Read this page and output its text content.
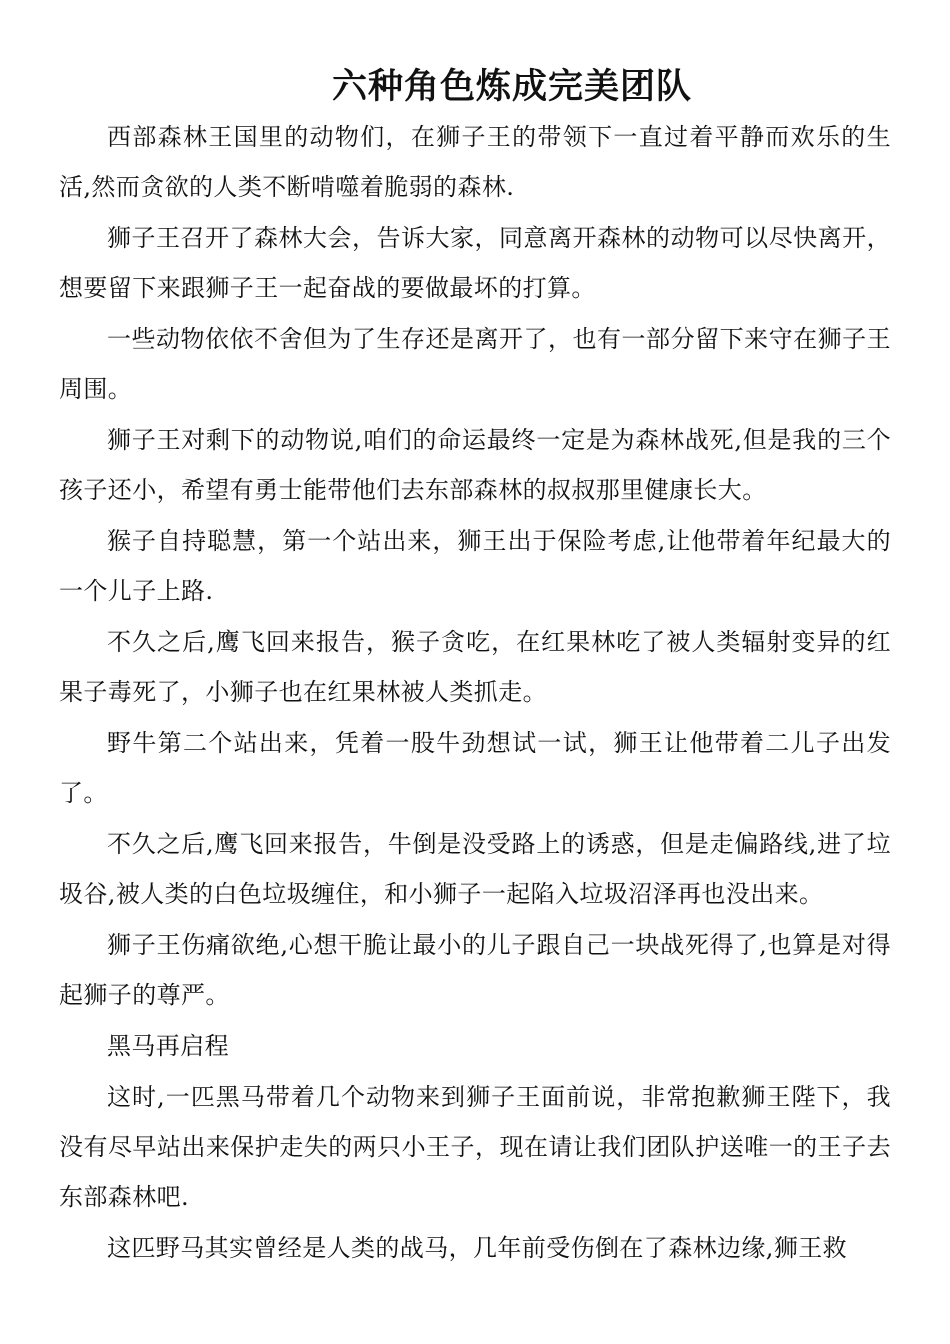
六种角色炼成完美团队

西部森林王国里的动物们，在狮子王的带领下一直过着平静而欢乐的生活,然而贪欲的人类不断啃噬着脆弱的森林.

狮子王召开了森林大会，告诉大家，同意离开森林的动物可以尽快离开，想要留下来跟狮子王一起奋战的要做最坏的打算。

一些动物依依不舍但为了生存还是离开了，也有一部分留下来守在狮子王周围。

狮子王对剩下的动物说,咱们的命运最终一定是为森林战死,但是我的三个孩子还小，希望有勇士能带他们去东部森林的叔叔那里健康长大。

猴子自持聪慧，第一个站出来，狮王出于保险考虑,让他带着年纪最大的一个儿子上路.

不久之后,鹰飞回来报告，猴子贪吃，在红果林吃了被人类辐射变异的红果子毒死了，小狮子也在红果林被人类抓走。

野牛第二个站出来，凭着一股牛劲想试一试，狮王让他带着二儿子出发了。

不久之后,鹰飞回来报告，牛倒是没受路上的诱惑，但是走偏路线,进了垃圾谷,被人类的白色垃圾缠住，和小狮子一起陷入垃圾沼泽再也没出来。

狮子王伤痛欲绝,心想干脆让最小的儿子跟自己一块战死得了,也算是对得起狮子的尊严。

黑马再启程

这时,一匹黑马带着几个动物来到狮子王面前说，非常抱歉狮王陛下，我没有尽早站出来保护走失的两只小王子，现在请让我们团队护送唯一的王子去东部森林吧.

这匹野马其实曾经是人类的战马，几年前受伤倒在了森林边缘,狮王救
